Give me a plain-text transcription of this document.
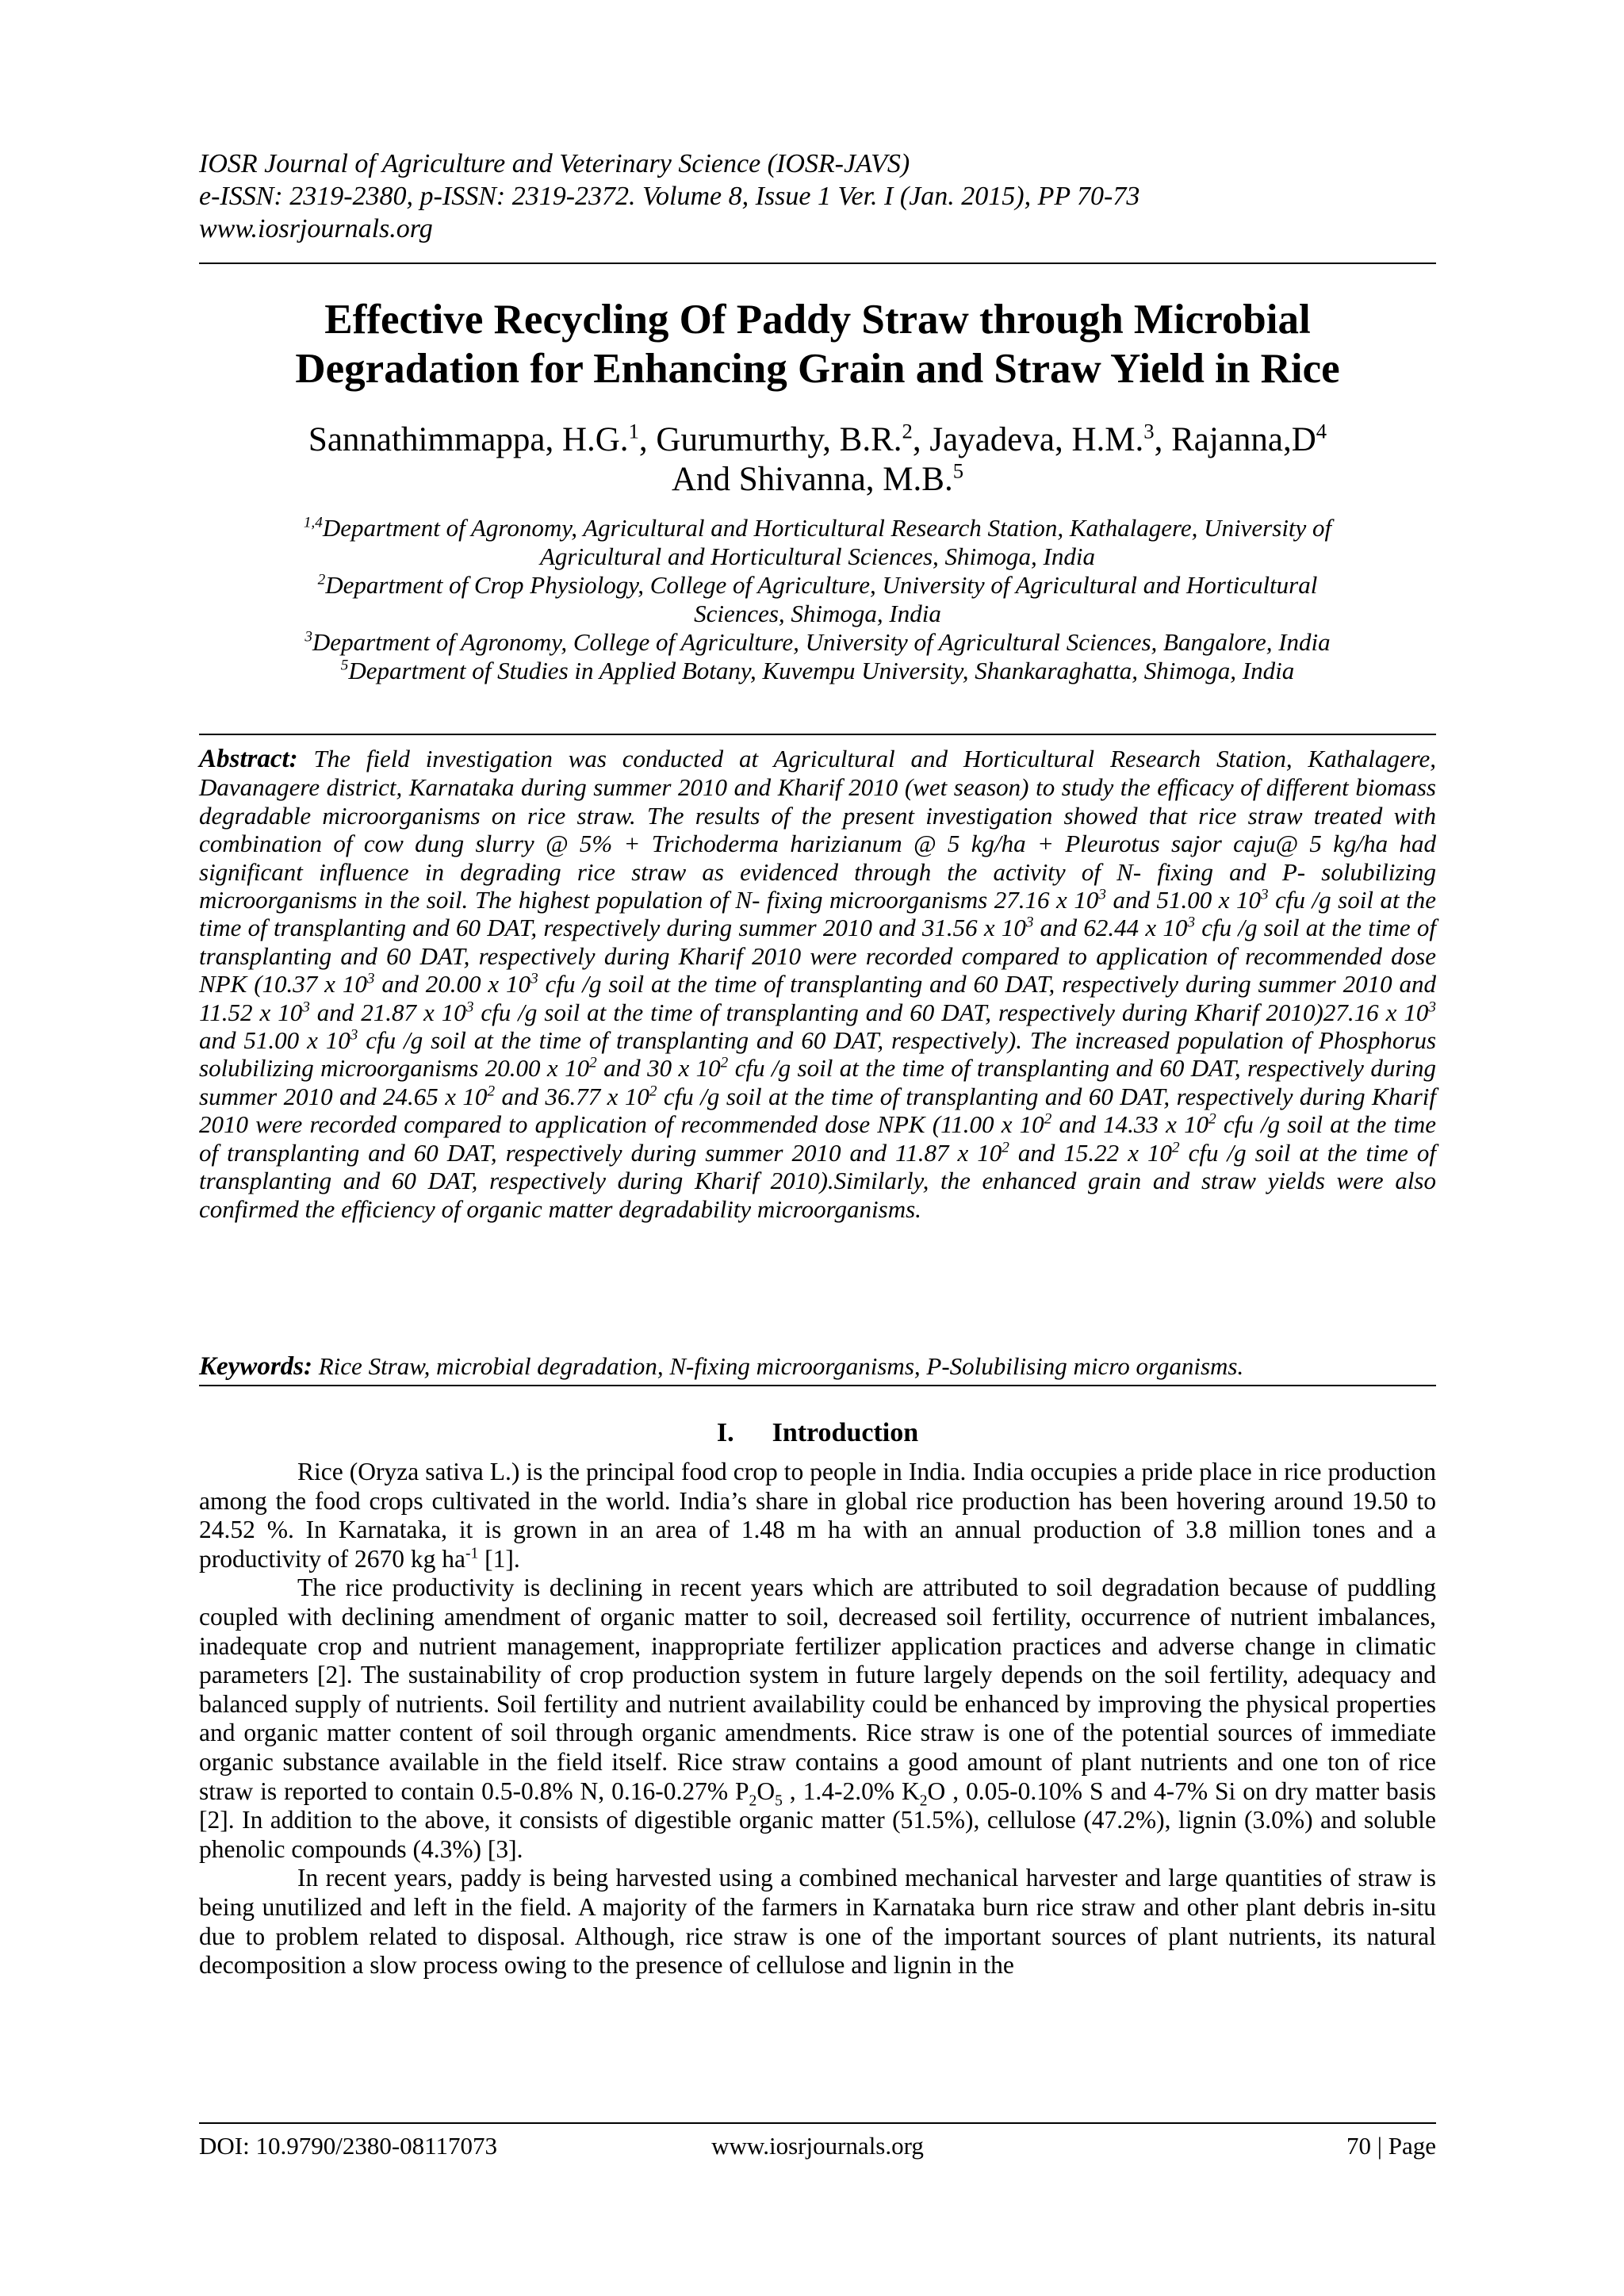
IOSR Journal of Agriculture and Veterinary Science (IOSR-JAVS)
e-ISSN: 2319-2380, p-ISSN: 2319-2372. Volume 8, Issue 1 Ver. I (Jan. 2015), PP 70-73
www.iosrjournals.org
Effective Recycling Of Paddy Straw through Microbial
Degradation for Enhancing Grain and Straw Yield in Rice
Sannathimmappa, H.G.$^1$, Gurumurthy, B.R.$^2$, Jayadeva, H.M.$^3$, $Rajanna,D^4$
And Shivanna, M.B.$^5$

$^{1,4}$Department of Agronomy, Agricultural and Horticultural Research Station, Kathalagere, University of

Agricultural and Horticultural Sciences, Shimoga, India

$^2$Department of Crop Physiology, College of Agriculture, University of Agricultural and Horticultural

Sciences, Shimoga, India

$^3$Department of Agronomy, College of Agriculture, University of Agricultural Sciences, Bangalore, India

$^5$Department of Studies in Applied Botany, Kuvempu University, Shankaraghatta, Shimoga, India

Abstract: The field investigation was conducted at Agricultural and Horticultural Research Station, Kathalagere, Davanagere district, Karnataka during summer 2010 and Kharif 2010 (wet season) to study the efficacy of different biomass degradable microorganisms on rice straw. The results of the present investigation showed that rice straw treated with combination of cow dung slurry @ 5% + Trichoderma harizianum @ 5 kg/ha + Pleurotus sajor caju@ 5 kg/ha had significant influence in degrading rice straw as evidenced through the activity of N- fixing and P- solubilizing microorganisms in the soil. The highest population of N- fixing microorganisms 27.16 x $10^3$ and 51.00 x $10^3$ cfu /g soil at the time of transplanting and 60 DAT, respectively during summer 2010 and 31.56 x $10^3$ and 62.44 x $10^3$ cfu /g soil at the time of transplanting and 60 DAT, respectively during Kharif 2010 were recorded compared to application of recommended dose NPK (10.37 x $10^3$ and 20.00 x $10^3$ cfu /g soil at the time of transplanting and 60 DAT, respectively during summer 2010 and 11.52 x $10^3$ and 21.87 x $10^3$ cfu /g soil at the time of transplanting and 60 DAT, respectively during Kharif 2010)27.16 x $10^3$ and 51.00 x $10^3$ cfu /g soil at the time of transplanting and 60 DAT, respectively). The increased population of Phosphorus solubilizing microorganisms 20.00 x $10^2$ and 30 x $10^2$ cfu /g soil at the time of transplanting and 60 DAT, respectively during summer 2010 and 24.65 x $10^2$ and 36.77 x $10^2$ cfu /g soil at the time of transplanting and 60 DAT, respectively during Kharif 2010 were recorded compared to application of recommended dose NPK (11.00 x $10^2$ and 14.33 x $10^2$ cfu /g soil at the time of transplanting and 60 DAT, respectively during summer 2010 and 11.87 x $10^2$ and 15.22 x $10^2$ cfu /g soil at the time of transplanting and 60 DAT, respectively during Kharif 2010).Similarly, the enhanced grain and straw yields were also confirmed the efficiency of organic matter degradability microorganisms.
Keywords: Rice Straw, microbial degradation, N-fixing microorganisms, P-Solubilising micro organisms.
I. Introduction

Rice (Oryza sativa L.) is the principal food crop to people in India. India occupies a pride place in rice production among the food crops cultivated in the world. India’s share in global rice production has been hovering around 19.50 to 24.52 %. In Karnataka, it is grown in an area of 1.48 m ha with an annual production of 3.8 million tones and a productivity of 2670 kg $ha^{-1}$ [1].

The rice productivity is declining in recent years which are attributed to soil degradation because of puddling coupled with declining amendment of organic matter to soil, decreased soil fertility, occurrence of nutrient imbalances, inadequate crop and nutrient management, inappropriate fertilizer application practices and adverse change in climatic parameters [2]. The sustainability of crop production system in future largely depends on the soil fertility, adequacy and balanced supply of nutrients. Soil fertility and nutrient availability could be enhanced by improving the physical properties and organic matter content of soil through organic amendments. Rice straw is one of the potential sources of immediate organic substance available in the field itself. Rice straw contains a good amount of plant nutrients and one ton of rice straw is reported to contain 0.5-0.8% N, 0.16-0.27% $P_2O_5$ , 1.4-2.0% $K_2O$ , 0.05-0.10% S and 4-7% Si on dry matter basis [2]. In addition to the above, it consists of digestible organic matter (51.5%), cellulose (47.2%), lignin (3.0%) and soluble phenolic compounds (4.3%) [3].

In recent years, paddy is being harvested using a combined mechanical harvester and large quantities of straw is being unutilized and left in the field. A majority of the farmers in Karnataka burn rice straw and other plant debris in-situ due to problem related to disposal. Although, rice straw is one of the important sources of plant nutrients, its natural decomposition a slow process owing to the presence of cellulose and lignin in the

DOI: 10.9790/2380-08117073	www.iosrjournals.org	70 | Page
